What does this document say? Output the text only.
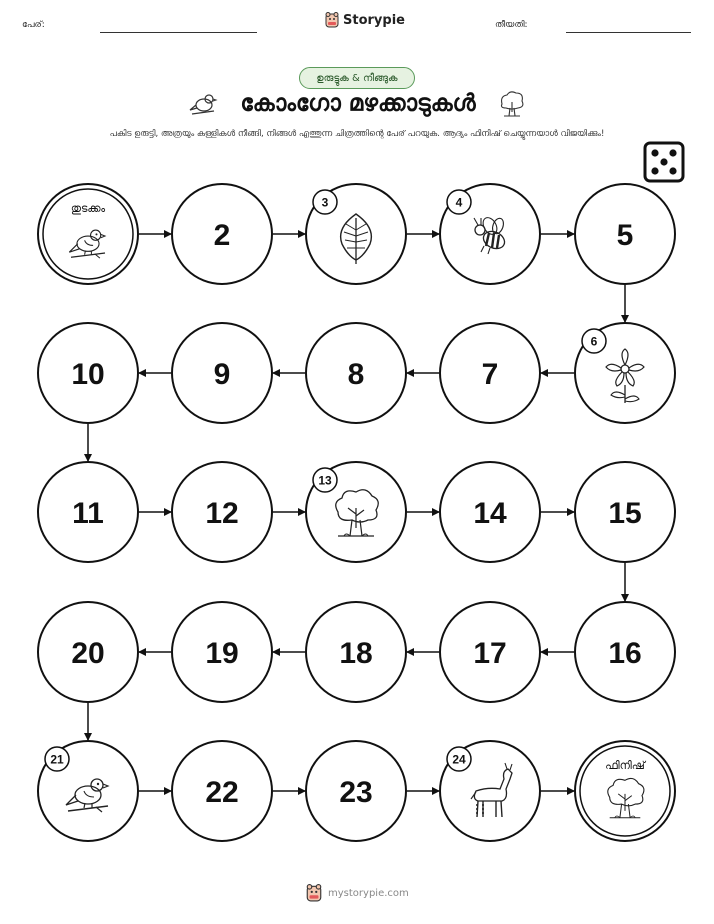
പേര്:	Storypie	തീയതി:
ഉരുട്ടുക & നീങ്ങുക
കോംഗോ മഴക്കാടുകൾ
പകിട ഉരുട്ടി, അത്രയും കള്ളികൾ നീങ്ങി, നിങ്ങൾ എത്തുന്ന ചിത്രത്തിന്റെ പേര് പറയുക. ആദ്യം ഫിനിഷ് ചെയ്യുന്നയാൾ വിജയിക്കും!
തുടക്കം
2
3	4
5
10	9	8	7
6
11	12
13
14	15
20	19	18	17	16
21
22	23
24	ഫിനിഷ്
mystorypie.com
